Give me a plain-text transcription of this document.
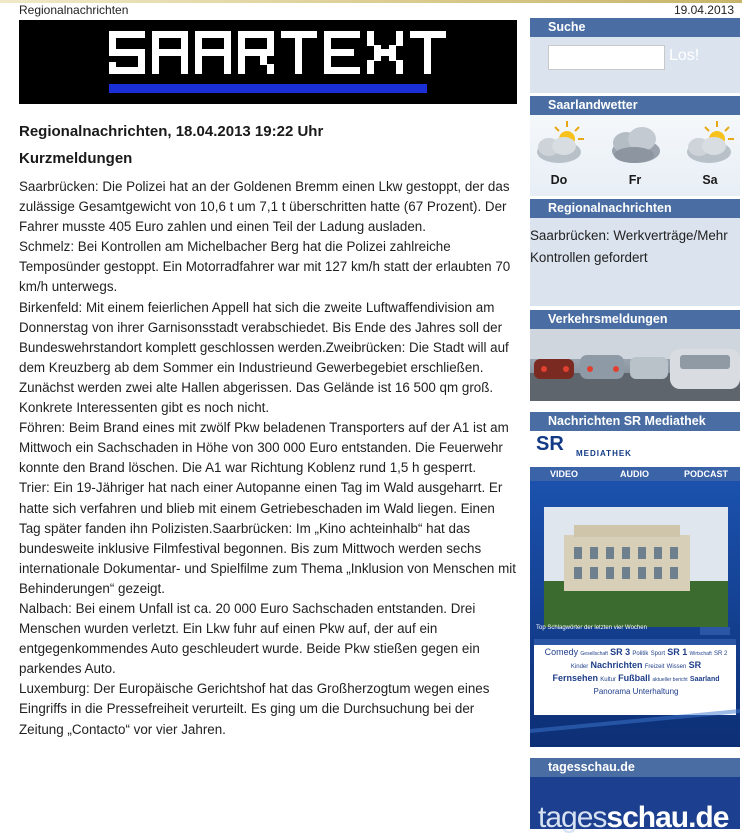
Regionalnachrichten	19.04.2013
Regionalnachrichten, 18.04.2013 19:22 Uhr
Kurzmeldungen

Saarbrücken: Die Polizei hat an der Goldenen Bremm einen Lkw gestoppt, der das zulässige Gesamtgewicht von 10,6 t um 7,1 t überschritten hatte (67 Prozent). Der Fahrer musste 405 Euro zahlen und einen Teil der Ladung ausladen.

Schmelz: Bei Kontrollen am Michelbacher Berg hat die Polizei zahlreiche Temposünder gestoppt. Ein Motorradfahrer war mit 127 km/h statt der erlaubten 70 km/h unterwegs.

Birkenfeld: Mit einem feierlichen Appell hat sich die zweite Luftwaffendivision am Donnerstag von ihrer Garnisonsstadt verabschiedet. Bis Ende des Jahres soll der Bundeswehrstandort komplett geschlossen werden.Zweibrücken: Die Stadt will auf dem Kreuzberg ab dem Sommer ein Industrieund Gewerbegebiet erschließen. Zunächst werden zwei alte Hallen abgerissen. Das Gelände ist 16 500 qm groß. Konkrete Interessenten gibt es noch nicht.

Föhren: Beim Brand eines mit zwölf Pkw beladenen Transporters auf der A1 ist am Mittwoch ein Sachschaden in Höhe von 300 000 Euro entstanden. Die Feuerwehr konnte den Brand löschen. Die A1 war Richtung Koblenz rund 1,5 h gesperrt.

Trier: Ein 19-Jähriger hat nach einer Autopanne einen Tag im Wald ausgeharrt. Er hatte sich verfahren und blieb mit einem Getriebeschaden im Wald liegen. Einen Tag später fanden ihn Polizisten.Saarbrücken: Im „Kino achteinhalb“ hat das bundesweite inklusive Filmfestival begonnen. Bis zum Mittwoch werden sechs internationale Dokumentar- und Spielfilme zum Thema „Inklusion von Menschen mit Behinderungen“ gezeigt.

Nalbach: Bei einem Unfall ist ca. 20 000 Euro Sachschaden entstanden. Drei Menschen wurden verletzt. Ein Lkw fuhr auf einen Pkw auf, der auf ein entgegenkommendes Auto geschleudert wurde. Beide Pkw stießen gegen ein parkendes Auto.

Luxemburg: Der Europäische Gerichtshof hat das Großherzogtum wegen eines Eingriffs in die Pressefreiheit verurteilt. Es ging um die Durchsuchung bei der Zeitung „Contacto“ vor vier Jahren.

Suche
Los!
Saarlandwetter
Do	Fr	Sa
Regionalnachrichten
Saarbrücken: Werkverträge/Mehr Kontrollen gefordert
Verkehrsmeldungen
Nachrichten SR Mediathek
SR MEDIATHEK
VIDEO	AUDIO	PODCAST
Top Schlagwörter der letzten vier Wochen
Comedy Gesellschaft SR 3 Politik Sport SR 1 Wirtschaft SR 2
Kinder Nachrichten Freizeit Wissen SR
Fernsehen Kultur Fußball aktueller bericht Saarland
Panorama Unterhaltung
tagesschau.de
tagesschau.de
